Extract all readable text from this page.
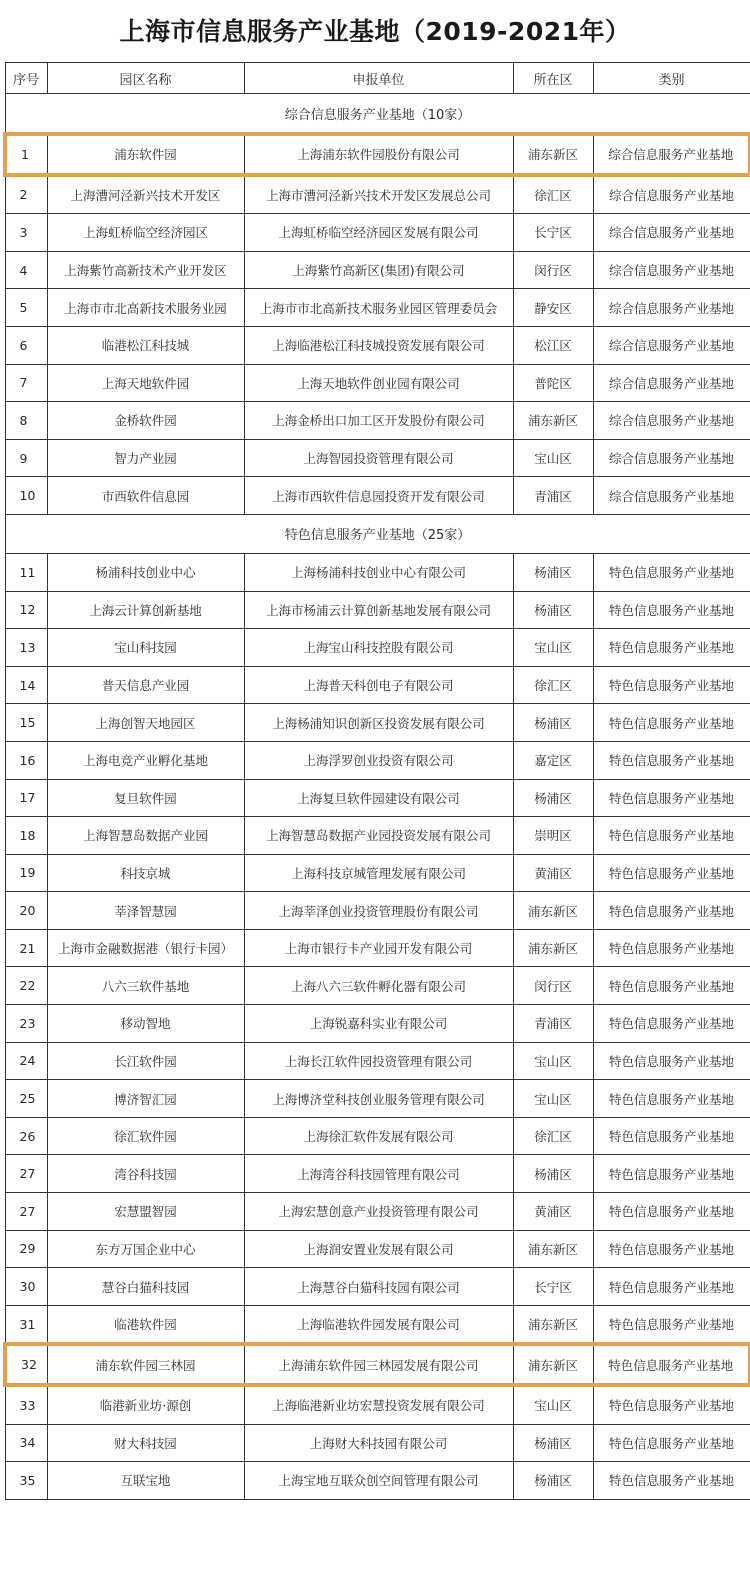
上海市信息服务产业基地（2019-2021年）
序号	园区名称	申报单位	所在区	类别
综合信息服务产业基地（10家）				
1	浦东软件园	上海浦东软件园股份有限公司	浦东新区	综合信息服务产业基地
2	上海漕河泾新兴技术开发区	上海市漕河泾新兴技术开发区发展总公司	徐汇区	综合信息服务产业基地
3	上海虹桥临空经济园区	上海虹桥临空经济园区发展有限公司	长宁区	综合信息服务产业基地
4	上海紫竹高新技术产业开发区	上海紫竹高新区(集团)有限公司	闵行区	综合信息服务产业基地
5	上海市市北高新技术服务业园	上海市市北高新技术服务业园区管理委员会	静安区	综合信息服务产业基地
6	临港松江科技城	上海临港松江科技城投资发展有限公司	松江区	综合信息服务产业基地
7	上海天地软件园	上海天地软件创业园有限公司	普陀区	综合信息服务产业基地
8	金桥软件园	上海金桥出口加工区开发股份有限公司	浦东新区	综合信息服务产业基地
9	智力产业园	上海智园投资管理有限公司	宝山区	综合信息服务产业基地
10	市西软件信息园	上海市西软件信息园投资开发有限公司	青浦区	综合信息服务产业基地
特色信息服务产业基地（25家）				
11	杨浦科技创业中心	上海杨浦科技创业中心有限公司	杨浦区	特色信息服务产业基地
12	上海云计算创新基地	上海市杨浦云计算创新基地发展有限公司	杨浦区	特色信息服务产业基地
13	宝山科技园	上海宝山科技控股有限公司	宝山区	特色信息服务产业基地
14	普天信息产业园	上海普天科创电子有限公司	徐汇区	特色信息服务产业基地
15	上海创智天地园区	上海杨浦知识创新区投资发展有限公司	杨浦区	特色信息服务产业基地
16	上海电竞产业孵化基地	上海浮罗创业投资有限公司	嘉定区	特色信息服务产业基地
17	复旦软件园	上海复旦软件园建设有限公司	杨浦区	特色信息服务产业基地
18	上海智慧岛数据产业园	上海智慧岛数据产业园投资发展有限公司	崇明区	特色信息服务产业基地
19	科技京城	上海科技京城管理发展有限公司	黄浦区	特色信息服务产业基地
20	莘泽智慧园	上海莘泽创业投资管理股份有限公司	浦东新区	特色信息服务产业基地
21	上海市金融数据港（银行卡园）	上海市银行卡产业园开发有限公司	浦东新区	特色信息服务产业基地
22	八六三软件基地	上海八六三软件孵化器有限公司	闵行区	特色信息服务产业基地
23	移动智地	上海锐嘉科实业有限公司	青浦区	特色信息服务产业基地
24	长江软件园	上海长江软件园投资管理有限公司	宝山区	特色信息服务产业基地
25	博济智汇园	上海博济堂科技创业服务管理有限公司	宝山区	特色信息服务产业基地
26	徐汇软件园	上海徐汇软件发展有限公司	徐汇区	特色信息服务产业基地
27	湾谷科技园	上海湾谷科技园管理有限公司	杨浦区	特色信息服务产业基地
27	宏慧盟智园	上海宏慧创意产业投资管理有限公司	黄浦区	特色信息服务产业基地
29	东方万国企业中心	上海润安置业发展有限公司	浦东新区	特色信息服务产业基地
30	慧谷白猫科技园	上海慧谷白猫科技园有限公司	长宁区	特色信息服务产业基地
31	临港软件园	上海临港软件园发展有限公司	浦东新区	特色信息服务产业基地
32	浦东软件园三林园	上海浦东软件园三林园发展有限公司	浦东新区	特色信息服务产业基地
33	临港新业坊·源创	上海临港新业坊宏慧投资发展有限公司	宝山区	特色信息服务产业基地
34	财大科技园	上海财大科技园有限公司	杨浦区	特色信息服务产业基地
35	互联宝地	上海宝地互联众创空间管理有限公司	杨浦区	特色信息服务产业基地
